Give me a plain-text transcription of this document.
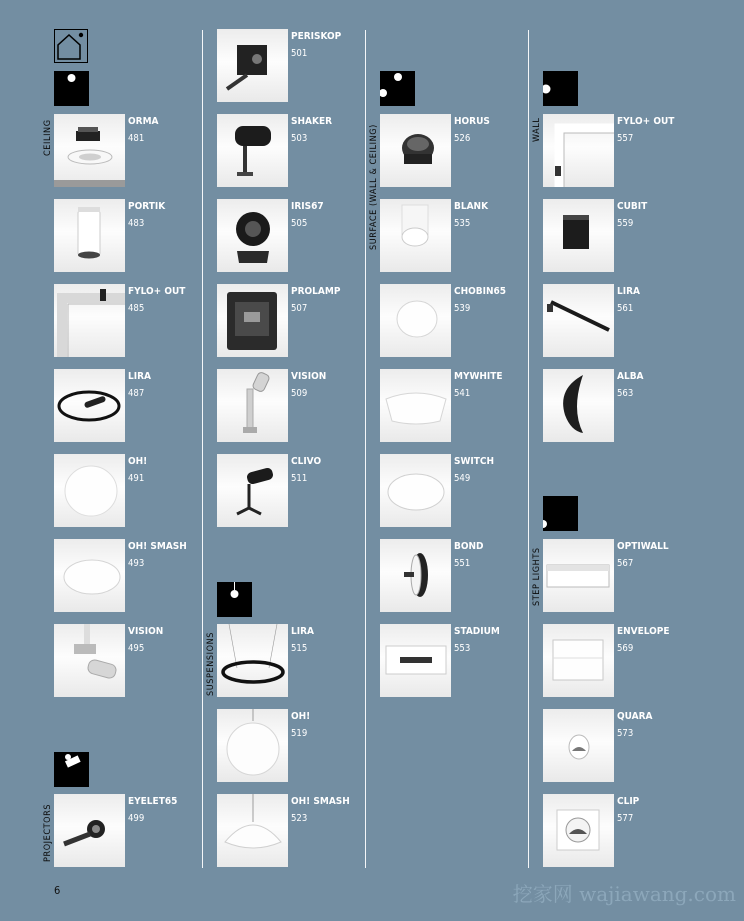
CEILING
PROJECTORS
SUSPENSIONS
SURFACE (WALL & CEILING)	WALL
STEP LIGHTS
ORMA
481
PORTIK
483
FYLO+ OUT
485
LIRA
487
OH!
491
OH! SMASH
493
VISION
495
EYELET65
499
PERISKOP
501
SHAKER
503
IRIS67
505
PROLAMP
507
VISION
509
CLIVO
511
LIRA
515
OH!
519
OH! SMASH
523
HORUS
526
BLANK
535
CHOBIN65
539
MYWHITE
541
SWITCH
549
BOND
551
STADIUM
553
FYLO+ OUT
557
CUBIT
559
LIRA
561
ALBA
563
OPTIWALL
567
ENVELOPE
569
QUARA
573
CLIP
577
6	挖家网 wajiawang.com
